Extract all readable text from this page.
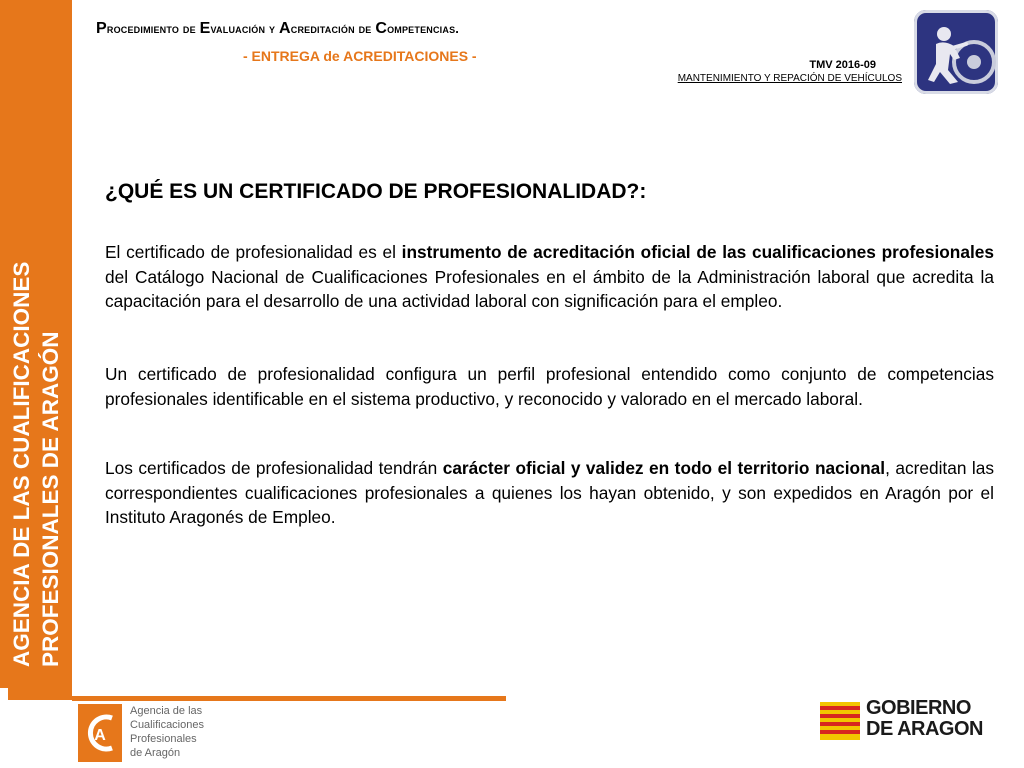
AGENCIA DE LAS CUALIFICACIONES PROFESIONALES DE ARAGÓN
Procedimiento de Evaluación y Acreditación de Competencias.
- ENTREGA de ACREDITACIONES -
TMV 2016-09
MANTENIMIENTO Y REPACIÓN DE VEHÍCULOS
¿QUÉ ES UN CERTIFICADO DE PROFESIONALIDAD?:

El certificado de profesionalidad es el instrumento de acreditación oficial de las cualificaciones profesionales del Catálogo Nacional de Cualificaciones Profesionales en el ámbito de la Administración laboral que acredita la capacitación para el desarrollo de una actividad laboral con significación para el empleo.

Un certificado de profesionalidad configura un perfil profesional entendido como conjunto de competencias profesionales identificable en el sistema productivo, y reconocido y valorado en el mercado laboral.

Los certificados de profesionalidad tendrán carácter oficial y validez en todo el territorio nacional, acreditan las correspondientes cualificaciones profesionales a quienes los hayan obtenido, y son expedidos en Aragón por el Instituto Aragonés de Empleo.

A
Agencia de las
Cualificaciones
Profesionales
de Aragón
GOBIERNO
DE ARAGON
